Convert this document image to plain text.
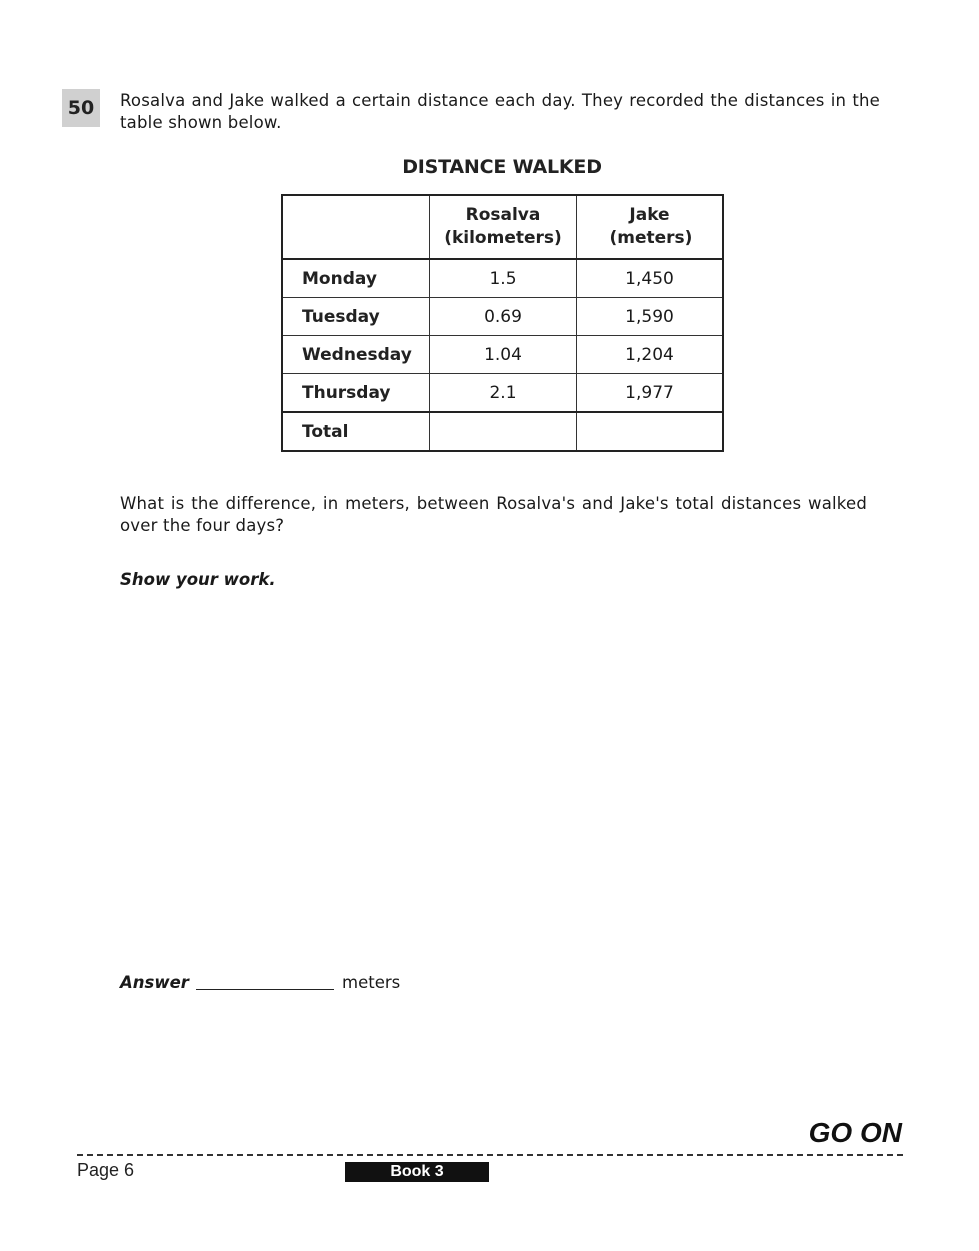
50	Rosalva and Jake walked a certain distance each day. They recorded the distances in the table shown below.
DISTANCE WALKED
	Rosalva (kilometers)	Jake (meters)
Monday	1.5	1,450
Tuesday	0.69	1,590
Wednesday	1.04	1,204
Thursday	2.1	1,977
Total		
What is the difference, in meters, between Rosalva's and Jake's total distances walked over the four days?
Show your work.
Answer	meters
GO ON
Page 6	Book 3
